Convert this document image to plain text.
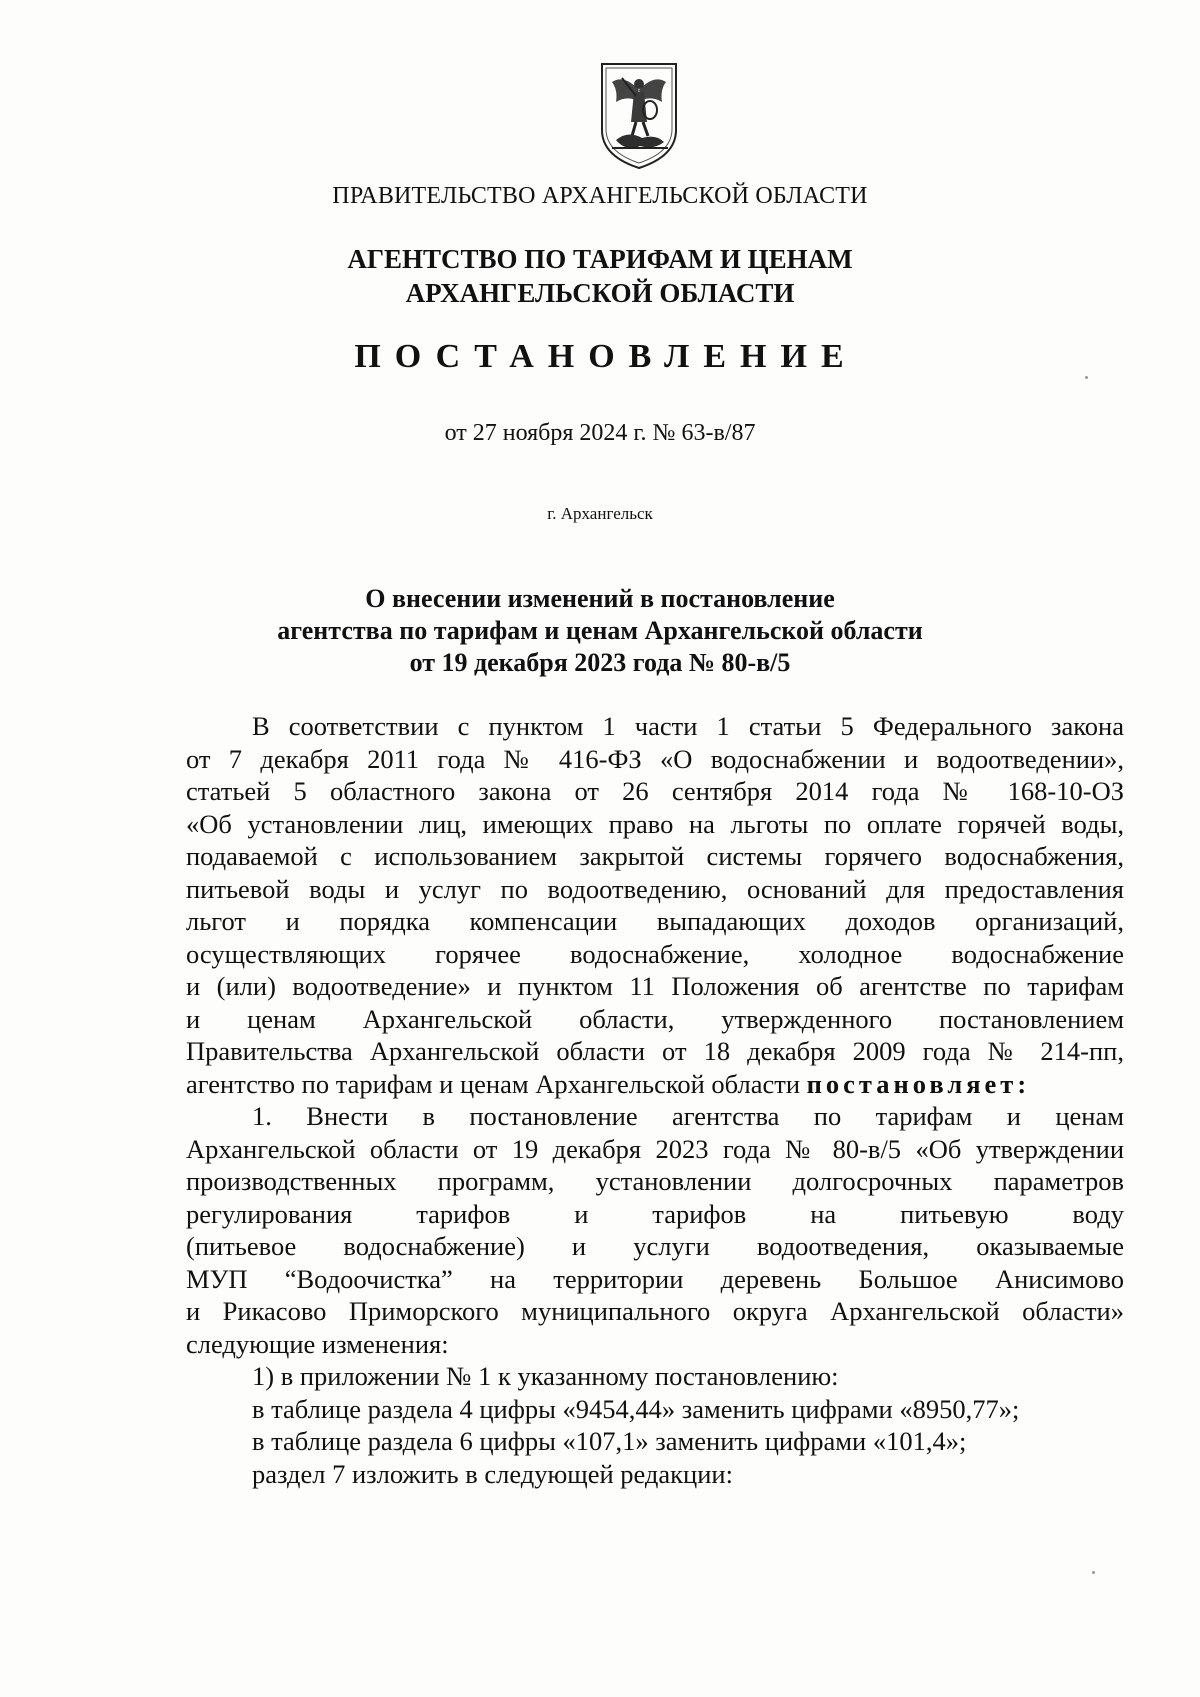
ПРАВИТЕЛЬСТВО АРХАНГЕЛЬСКОЙ ОБЛАСТИ
АГЕНТСТВО ПО ТАРИФАМ И ЦЕНАМ
АРХАНГЕЛЬСКОЙ ОБЛАСТИ
ПОСТАНОВЛЕНИЕ
от 27 ноября 2024 г. № 63-в/87
г. Архангельск
О внесении изменений в постановление
агентства по тарифам и ценам Архангельской области
от 19 декабря 2023 года № 80-в/5
В соответствии с пунктом 1 части 1 статьи 5 Федерального закона
от 7 декабря 2011 года № 416-ФЗ «О водоснабжении и водоотведении»,
статьей 5 областного закона от 26 сентября 2014 года № 168-10-ОЗ
«Об установлении лиц, имеющих право на льготы по оплате горячей воды,
подаваемой с использованием закрытой системы горячего водоснабжения,
питьевой воды и услуг по водоотведению, оснований для предоставления
льгот и порядка компенсации выпадающих доходов организаций,
осуществляющих горячее водоснабжение, холодное водоснабжение
и (или) водоотведение» и пунктом 11 Положения об агентстве по тарифам
и ценам Архангельской области, утвержденного постановлением
Правительства Архангельской области от 18 декабря 2009 года № 214-пп,
агентство по тарифам и ценам Архангельской области постановляет:
1. Внести в постановление агентства по тарифам и ценам
Архангельской области от 19 декабря 2023 года № 80-в/5 «Об утверждении
производственных программ, установлении долгосрочных параметров
регулирования тарифов и тарифов на питьевую воду
(питьевое водоснабжение) и услуги водоотведения, оказываемые
МУП “Водоочистка” на территории деревень Большое Анисимово
и Рикасово Приморского муниципального округа Архангельской области»
следующие изменения:

1) в приложении № 1 к указанному постановлению:

в таблице раздела 4 цифры «9454,44» заменить цифрами «8950,77»;

в таблице раздела 6 цифры «107,1» заменить цифрами «101,4»;

раздел 7 изложить в следующей редакции:
